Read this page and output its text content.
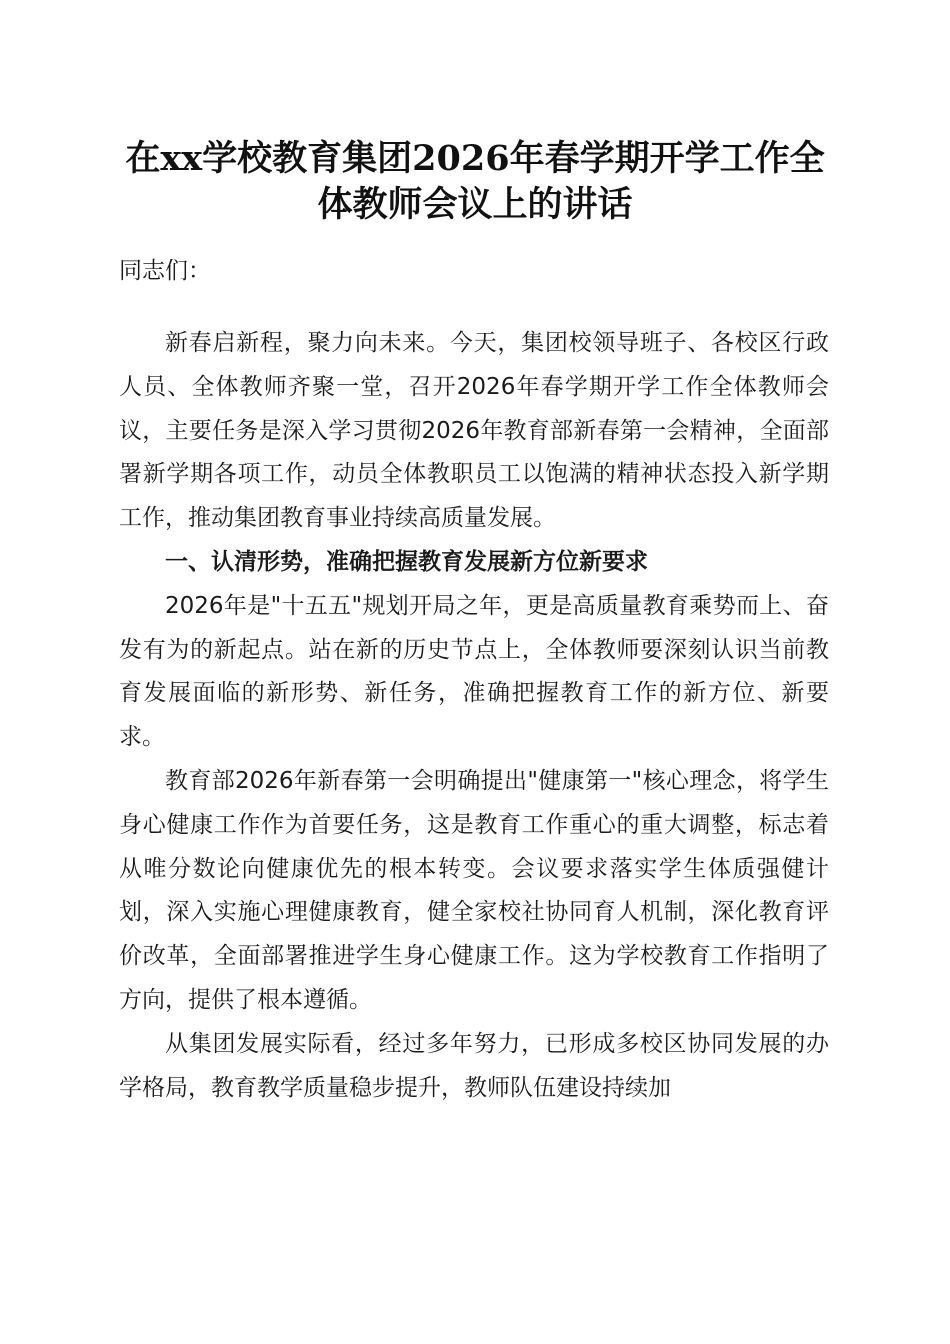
在xx学校教育集团2026年春学期开学工作全
体教师会议上的讲话
同志们：

新春启新程，聚力向未来。今天，集团校领导班子、各校区行政人员、全体教师齐聚一堂，召开2026年春学期开学工作全体教师会议，主要任务是深入学习贯彻2026年教育部新春第一会精神，全面部署新学期各项工作，动员全体教职员工以饱满的精神状态投入新学期工作，推动集团教育事业持续高质量发展。

一、认清形势，准确把握教育发展新方位新要求

2026年是"十五五"规划开局之年，更是高质量教育乘势而上、奋发有为的新起点。站在新的历史节点上，全体教师要深刻认识当前教育发展面临的新形势、新任务，准确把握教育工作的新方位、新要求。

教育部2026年新春第一会明确提出"健康第一"核心理念，将学生身心健康工作作为首要任务，这是教育工作重心的重大调整，标志着从唯分数论向健康优先的根本转变。会议要求落实学生体质强健计划，深入实施心理健康教育，健全家校社协同育人机制，深化教育评价改革，全面部署推进学生身心健康工作。这为学校教育工作指明了方向，提供了根本遵循。

从集团发展实际看，经过多年努力，已形成多校区协同发展的办学格局，教育教学质量稳步提升，教师队伍建设持续加
